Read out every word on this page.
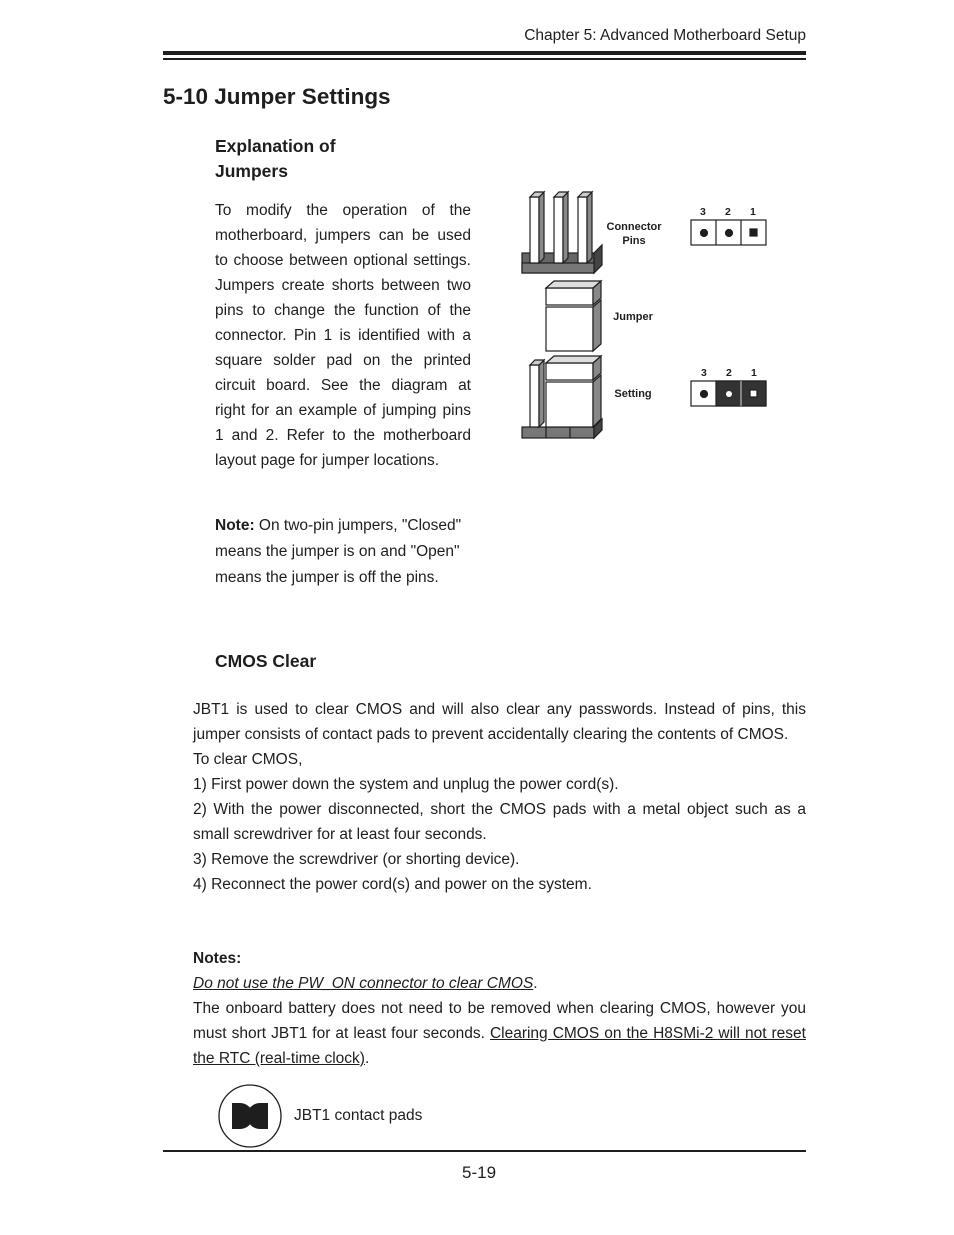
Chapter 5: Advanced Motherboard Setup
5-10 Jumper Settings
Explanation of
Jumpers
To modify the operation of the motherboard, jumpers can be used to choose between optional settings. Jumpers create shorts between two pins to change the function of the connector. Pin 1 is identified with a square solder pad on the printed circuit board. See the diagram at right for an example of jumping pins 1 and 2. Refer to the motherboard layout page for jumper locations.
Note: On two-pin jumpers, "Closed" means the jumper is on and "Open" means the jumper is off the pins.
Connector
Pins
Jumper
Setting
3 2 1
3 2 1
CMOS Clear
JBT1 is used to clear CMOS and will also clear any passwords. Instead of pins, this jumper consists of contact pads to prevent accidentally clearing the contents of CMOS.
To clear CMOS,
1) First power down the system and unplug the power cord(s).
2) With the power disconnected, short the CMOS pads with a metal object such as a small screwdriver for at least four seconds.
3) Remove the screwdriver (or shorting device).
4) Reconnect the power cord(s) and power on the system.
Notes:
Do not use the PW_ON connector to clear CMOS.
The onboard battery does not need to be removed when clearing CMOS, however you must short JBT1 for at least four seconds. Clearing CMOS on the H8SMi-2 will not reset the RTC (real-time clock).
JBT1 contact pads
5-19
